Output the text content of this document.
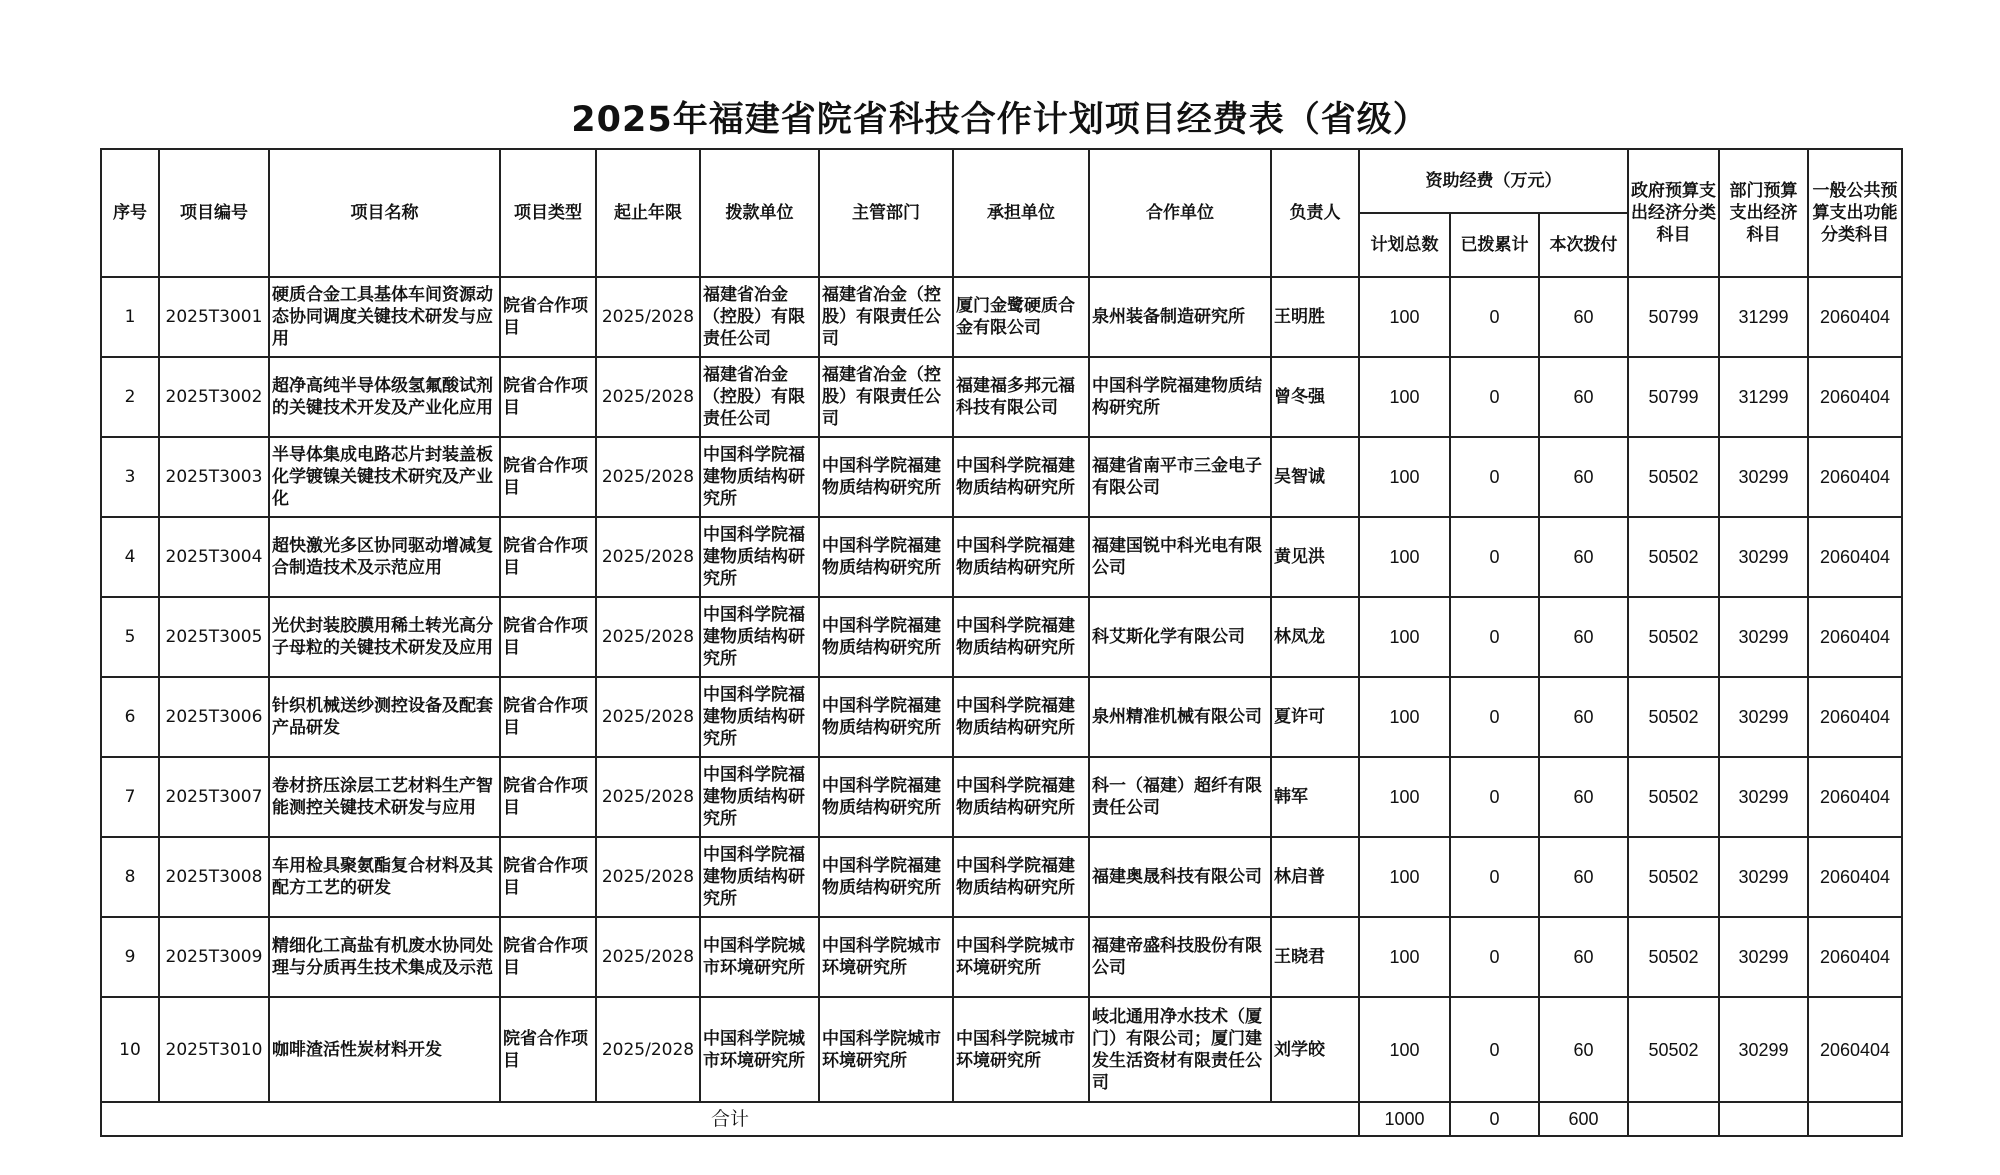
2025年福建省院省科技合作计划项目经费表（省级）
序号	项目编号	项目名称	项目类型	起止年限	拨款单位	主管部门	承担单位	合作单位	负责人	资助经费（万元）			政府预算支出经济分类科目	部门预算支出经济科目	一般公共预算支出功能分类科目
										计划总数	已拨累计	本次拨付			
1	2025T3001	硬质合金工具基体车间资源动态协同调度关键技术研发与应用	院省合作项目	2025/2028	福建省冶金（控股）有限责任公司	福建省冶金（控股）有限责任公司	厦门金鹭硬质合金有限公司	泉州装备制造研究所	王明胜	100	0	60	50799	31299	2060404
2	2025T3002	超净高纯半导体级氢氟酸试剂的关键技术开发及产业化应用	院省合作项目	2025/2028	福建省冶金（控股）有限责任公司	福建省冶金（控股）有限责任公司	福建福多邦元福科技有限公司	中国科学院福建物质结构研究所	曾冬强	100	0	60	50799	31299	2060404
3	2025T3003	半导体集成电路芯片封装盖板化学镀镍关键技术研究及产业化	院省合作项目	2025/2028	中国科学院福建物质结构研究所	中国科学院福建物质结构研究所	中国科学院福建物质结构研究所	福建省南平市三金电子有限公司	吴智诚	100	0	60	50502	30299	2060404
4	2025T3004	超快激光多区协同驱动增减复合制造技术及示范应用	院省合作项目	2025/2028	中国科学院福建物质结构研究所	中国科学院福建物质结构研究所	中国科学院福建物质结构研究所	福建国锐中科光电有限公司	黄见洪	100	0	60	50502	30299	2060404
5	2025T3005	光伏封装胶膜用稀土转光高分子母粒的关键技术研发及应用	院省合作项目	2025/2028	中国科学院福建物质结构研究所	中国科学院福建物质结构研究所	中国科学院福建物质结构研究所	科艾斯化学有限公司	林凤龙	100	0	60	50502	30299	2060404
6	2025T3006	针织机械送纱测控设备及配套产品研发	院省合作项目	2025/2028	中国科学院福建物质结构研究所	中国科学院福建物质结构研究所	中国科学院福建物质结构研究所	泉州精准机械有限公司	夏许可	100	0	60	50502	30299	2060404
7	2025T3007	卷材挤压涂层工艺材料生产智能测控关键技术研发与应用	院省合作项目	2025/2028	中国科学院福建物质结构研究所	中国科学院福建物质结构研究所	中国科学院福建物质结构研究所	科一（福建）超纤有限责任公司	韩军	100	0	60	50502	30299	2060404
8	2025T3008	车用检具聚氨酯复合材料及其配方工艺的研发	院省合作项目	2025/2028	中国科学院福建物质结构研究所	中国科学院福建物质结构研究所	中国科学院福建物质结构研究所	福建奥晟科技有限公司	林启普	100	0	60	50502	30299	2060404
9	2025T3009	精细化工高盐有机废水协同处理与分质再生技术集成及示范	院省合作项目	2025/2028	中国科学院城市环境研究所	中国科学院城市环境研究所	中国科学院城市环境研究所	福建帝盛科技股份有限公司	王晓君	100	0	60	50502	30299	2060404
10	2025T3010	咖啡渣活性炭材料开发	院省合作项目	2025/2028	中国科学院城市环境研究所	中国科学院城市环境研究所	中国科学院城市环境研究所	岐北通用净水技术（厦门）有限公司；厦门建发生活资材有限责任公司	刘学皎	100	0	60	50502	30299	2060404
合计										1000	0	600			
